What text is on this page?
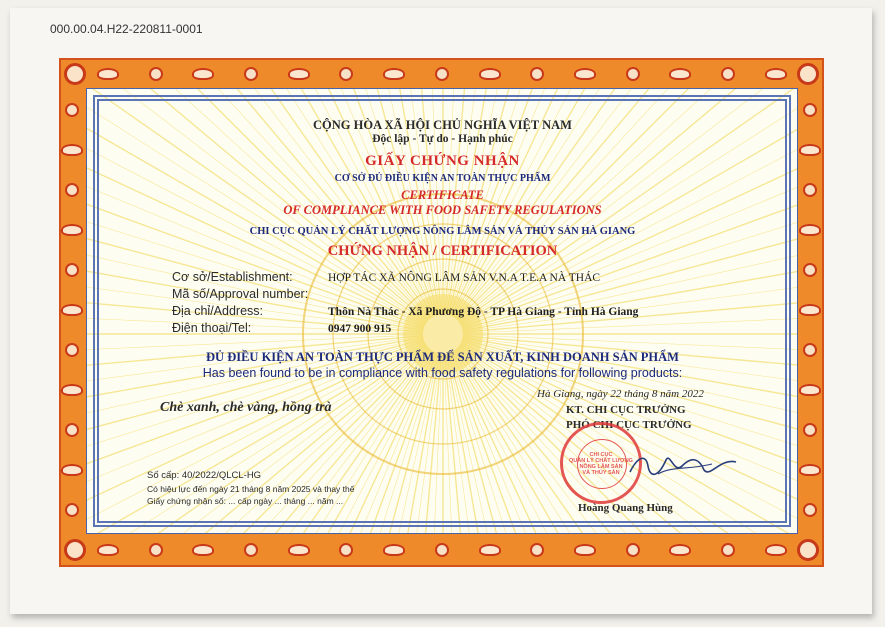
000.00.04.H22-220811-0001
CỘNG HÒA XÃ HỘI CHỦ NGHĨA VIỆT NAM
Độc lập - Tự do - Hạnh phúc
GIẤY CHỨNG NHẬN
CƠ SỞ ĐỦ ĐIỀU KIỆN AN TOÀN THỰC PHẨM
CERTIFICATE
OF COMPLIANCE WITH FOOD SAFETY REGULATIONS
CHI CỤC QUẢN LÝ CHẤT LƯỢNG NÔNG LÂM SẢN VÀ THỦY SẢN HÀ GIANG
CHỨNG NHẬN / CERTIFICATION
Cơ sở/Establishment:	HỢP TÁC XÃ NÔNG LÂM SẢN V.N.A T.E.A NÀ THÁC
Mã số/Approval number:
Địa chỉ/Address:	Thôn Nà Thác - Xã Phương Độ - TP Hà Giang - Tỉnh Hà Giang
Điện thoại/Tel:	0947 900 915
ĐỦ ĐIỀU KIỆN AN TOÀN THỰC PHẨM ĐỂ SẢN XUẤT, KINH DOANH SẢN PHẨM
Has been found to be in compliance with food safety regulations for following products:
Chè xanh, chè vàng, hồng trà
Hà Giang, ngày 22 tháng 8 năm 2022
KT. CHI CỤC TRƯỞNG
PHÓ CHI CỤC TRƯỞNG
CHI CỤC
QUẢN LÝ CHẤT LƯỢNG
NÔNG LÂM SẢN
VÀ THỦY SẢN
Hoàng Quang Hùng
Số cấp: 40/2022/QLCL-HG
Có hiệu lực đến ngày 21 tháng 8 năm 2025 và thay thế
Giấy chứng nhận số: ... cấp ngày ... tháng ... năm ...
